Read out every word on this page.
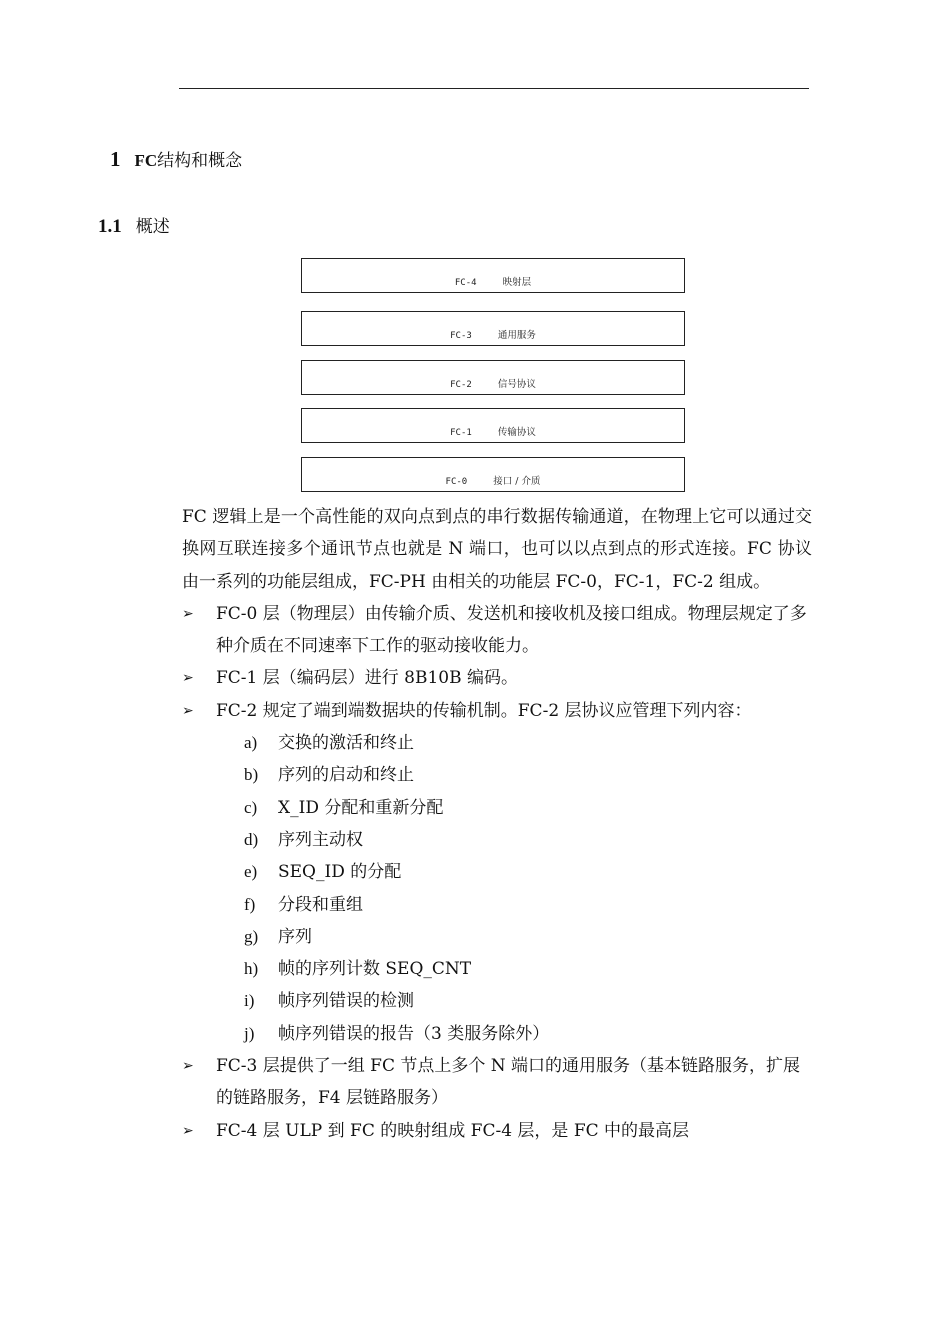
1 FC结构和概念
1.1 概述
FC-4	映射层
FC-3	通用服务
FC-2	信号协议
FC-1	传输协议
FC-0	接口 / 介质

FC 逻辑上是一个高性能的双向点到点的串行数据传输通道，在物理上它可以通过交换网互联连接多个通讯节点也就是 N 端口，也可以以点到点的形式连接。FC 协议由一系列的功能层组成，FC-PH 由相关的功能层 FC-0，FC-1，FC-2 组成。

➢	FC-0 层（物理层）由传输介质、发送机和接收机及接口组成。物理层规定了多种介质在不同速率下工作的驱动接收能力。
➢	FC-1 层（编码层）进行 8B10B 编码。
➢	FC-2 规定了端到端数据块的传输机制。FC-2 层协议应管理下列内容：
a)	交换的激活和终止
b)	序列的启动和终止
c)	X_ID 分配和重新分配
d)	序列主动权
e)	SEQ_ID 的分配
f)	分段和重组
g)	序列
h)	帧的序列计数 SEQ_CNT
i)	帧序列错误的检测
j)	帧序列错误的报告（3 类服务除外）
➢	FC-3 层提供了一组 FC 节点上多个 N 端口的通用服务（基本链路服务，扩展的链路服务，F4 层链路服务）
➢	FC-4 层 ULP 到 FC 的映射组成 FC-4 层，是 FC 中的最高层
